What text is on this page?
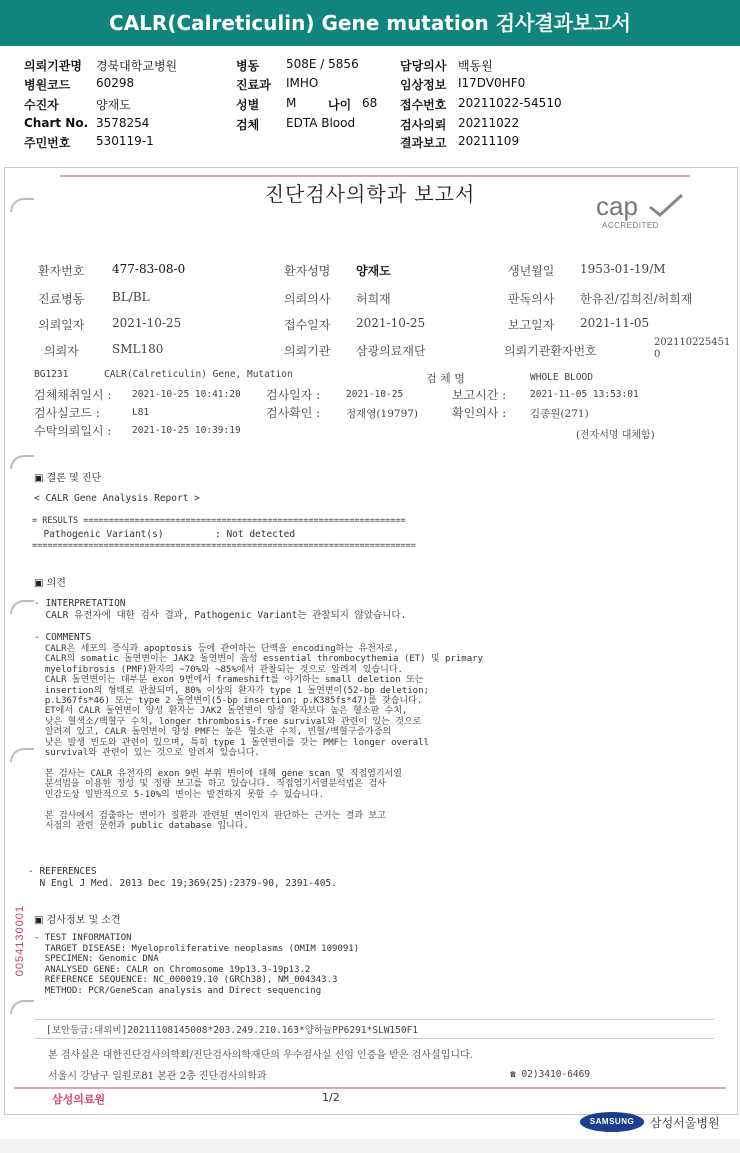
CALR(Calreticulin) Gene mutation 검사결과보고서
의뢰기관명 경북대학교병원
병원코드 60298
수진자	양재도
Chart No. 3578254
주민번호 530119-1
병동 508E / 5856
진료과 IMHO
성별 M	나이 68
검체 EDTA Blood
담당의사 백동원
임상정보 I17DV0HF0
접수번호 20211022-54510
검사의뢰 20211022
결과보고 20211109
진단검사의학과 보고서	cap
ACCREDITED
환자번호 477-83-08-0	환자성명 양재도	생년월일 1953-01-19/M
진료병동 BL/BL	의뢰의사 허희재	판독의사 한유진/김희진/허희재
의뢰일자 2021-10-25	접수일자 2021-10-25	보고일자 2021-11-05
의뢰자	SML180	의뢰기관 삼광의료재단	의뢰기관환자번호
202110225451
0
BG1231	CALR(Calreticulin) Gene, Mutation	검 체 명	WHOLE BLOOD
검체채취일시 : 2021-10-25 10:41:20 검사일자 :	2021-10-25	보고시간 :	2021-11-05 13:53:01
검사실코드 :	L81	검사확인 : 정재영(19797)	확인의사 : 김종원(271)
수탁의뢰일시 : 2021-10-25 10:39:19	(전자서명 대체함)
▣ 결론 및 진단
< CALR Gene Analysis Report >
= RESULTS ===============================================================
Pathogenic Variant(s)         : Not detected
===========================================================================
▣ 의견
- INTERPRETATION
CALR 유전자에 대한 검사 결과, Pathogenic Variant는 관찰되지 않았습니다.
- COMMENTS
CALR은 세포의 증식과 apoptosis 등에 관여하는 단백을 encoding하는 유전자로,
CALR의 somatic 돌연변이는 JAK2 돌연변이 음성 essential thrombocythemia (ET) 및 primary
myelofibrosis (PMF)환자의 ~70%와 ~85%에서 관찰되는 것으로 알려져 있습니다.
CALR 돌연변이는 대부분 exon 9번에서 frameshift를 야기하는 small deletion 또는
insertion의 형태로 관찰되며, 80% 이상의 환자가 type 1 돌연변이(52-bp deletion;
p.L367fs*46) 또는 type 2 돌연변이(5-bp insertion; p.K385fs*47)를 갖습니다.
ET에서 CALR 돌연변이 양성 환자는 JAK2 돌연변이 양성 환자보다 높은 혈소판 수치,
낮은 혈색소/백혈구 수치, longer thrombosis-free survival와 관련이 있는 것으로
알려져 있고, CALR 돌연변이 양성 PMF는 높은 혈소판 수치, 빈혈/백혈구증가증의
낮은 발생 빈도와 관련이 있으며, 특히 type 1 돌연변이를 갖는 PMF는 longer overall
survival와 관련이 있는 것으로 알려져 있습니다.

본 검사는 CALR 유전자의 exon 9번 부위 변이에 대해 gene scan 및 직접염기서열
분석법을 이용한 정성 및 정량 보고를 하고 있습니다. 직접염기서열분석법은 검사
민감도상 일반적으로 5-10%의 변이는 발견하지 못할 수 있습니다.

본 검사에서 검출하는 변이가 질환과 관련된 변이인지 판단하는 근거는 결과 보고
시점의 관련 문헌과 public database 입니다.
- REFERENCES
N Engl J Med. 2013 Dec 19;369(25):2379-90, 2391-405.
▣ 검사정보 및 소견
- TEST INFORMATION
TARGET DISEASE: Myeloproliferative neoplasms (OMIM 109091)
SPECIMEN: Genomic DNA
ANALYSED GENE: CALR on Chromosome 19p13.3-19p13.2
REFERENCE SEQUENCE: NC_000019.10 (GRCh38), NM_004343.3
METHOD: PCR/GeneScan analysis and Direct sequencing
0054130001
[보안등급:대외비]20211108145008*203.249.210.163*양하늘PP6291*SLW150F1
본 검사실은 대한진단검사의학회/진단검사의학재단의 우수검사실 신임 인증을 받은 검사실입니다.
서울시 강남구 일원로81 본관 2층 진단검사의학과	☎ 02)3410-6469
삼성의료원	1/2
SAMSUNG	삼성서울병원
